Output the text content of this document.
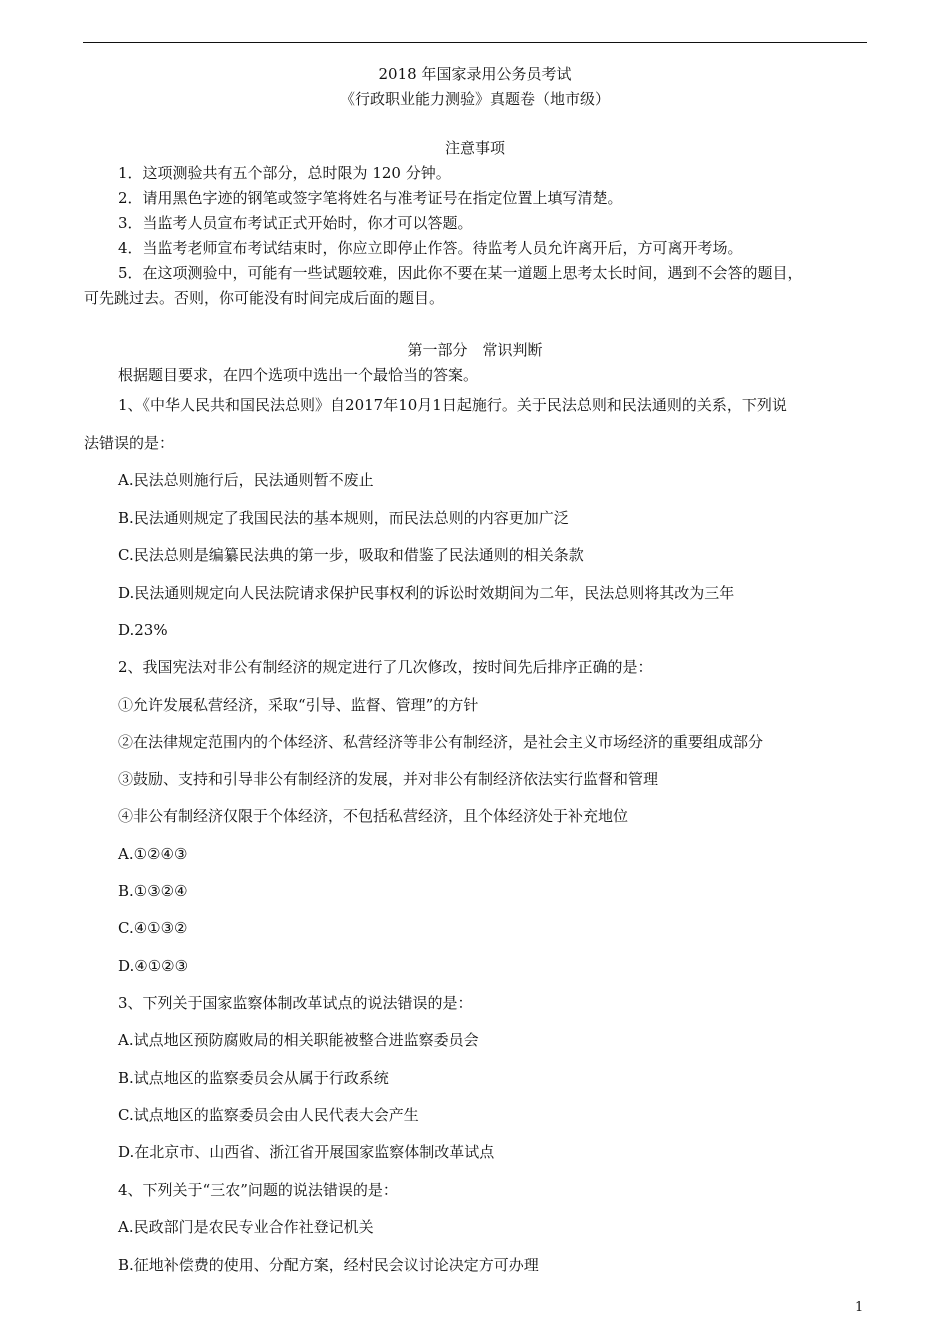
2018 年国家录用公务员考试
《行政职业能力测验》真题卷（地市级）
注意事项
1．这项测验共有五个部分，总时限为 120 分钟。
2．请用黑色字迹的钢笔或签字笔将姓名与准考证号在指定位置上填写清楚。
3．当监考人员宣布考试正式开始时，你才可以答题。
4．当监考老师宣布考试结束时，你应立即停止作答。待监考人员允许离开后，方可离开考场。
5．在这项测验中，可能有一些试题较难，因此你不要在某一道题上思考太长时间，遇到不会答的题目，
可先跳过去。否则，你可能没有时间完成后面的题目。
第一部分　常识判断
根据题目要求，在四个选项中选出一个最恰当的答案。
1、《中华人民共和国民法总则》自2017年10月1日起施行。关于民法总则和民法通则的关系，下列说
法错误的是：
A.民法总则施行后，民法通则暂不废止
B.民法通则规定了我国民法的基本规则，而民法总则的内容更加广泛
C.民法总则是编纂民法典的第一步，吸取和借鉴了民法通则的相关条款
D.民法通则规定向人民法院请求保护民事权利的诉讼时效期间为二年，民法总则将其改为三年
D.23%
2、我国宪法对非公有制经济的规定进行了几次修改，按时间先后排序正确的是：
①允许发展私营经济，采取“引导、监督、管理”的方针
②在法律规定范围内的个体经济、私营经济等非公有制经济，是社会主义市场经济的重要组成部分
③鼓励、支持和引导非公有制经济的发展，并对非公有制经济依法实行监督和管理
④非公有制经济仅限于个体经济，不包括私营经济，且个体经济处于补充地位
A.①②④③
B.①③②④
C.④①③②
D.④①②③
3、下列关于国家监察体制改革试点的说法错误的是：
A.试点地区预防腐败局的相关职能被整合进监察委员会
B.试点地区的监察委员会从属于行政系统
C.试点地区的监察委员会由人民代表大会产生
D.在北京市、山西省、浙江省开展国家监察体制改革试点
4、下列关于“三农”问题的说法错误的是：
A.民政部门是农民专业合作社登记机关
B.征地补偿费的使用、分配方案，经村民会议讨论决定方可办理
1
